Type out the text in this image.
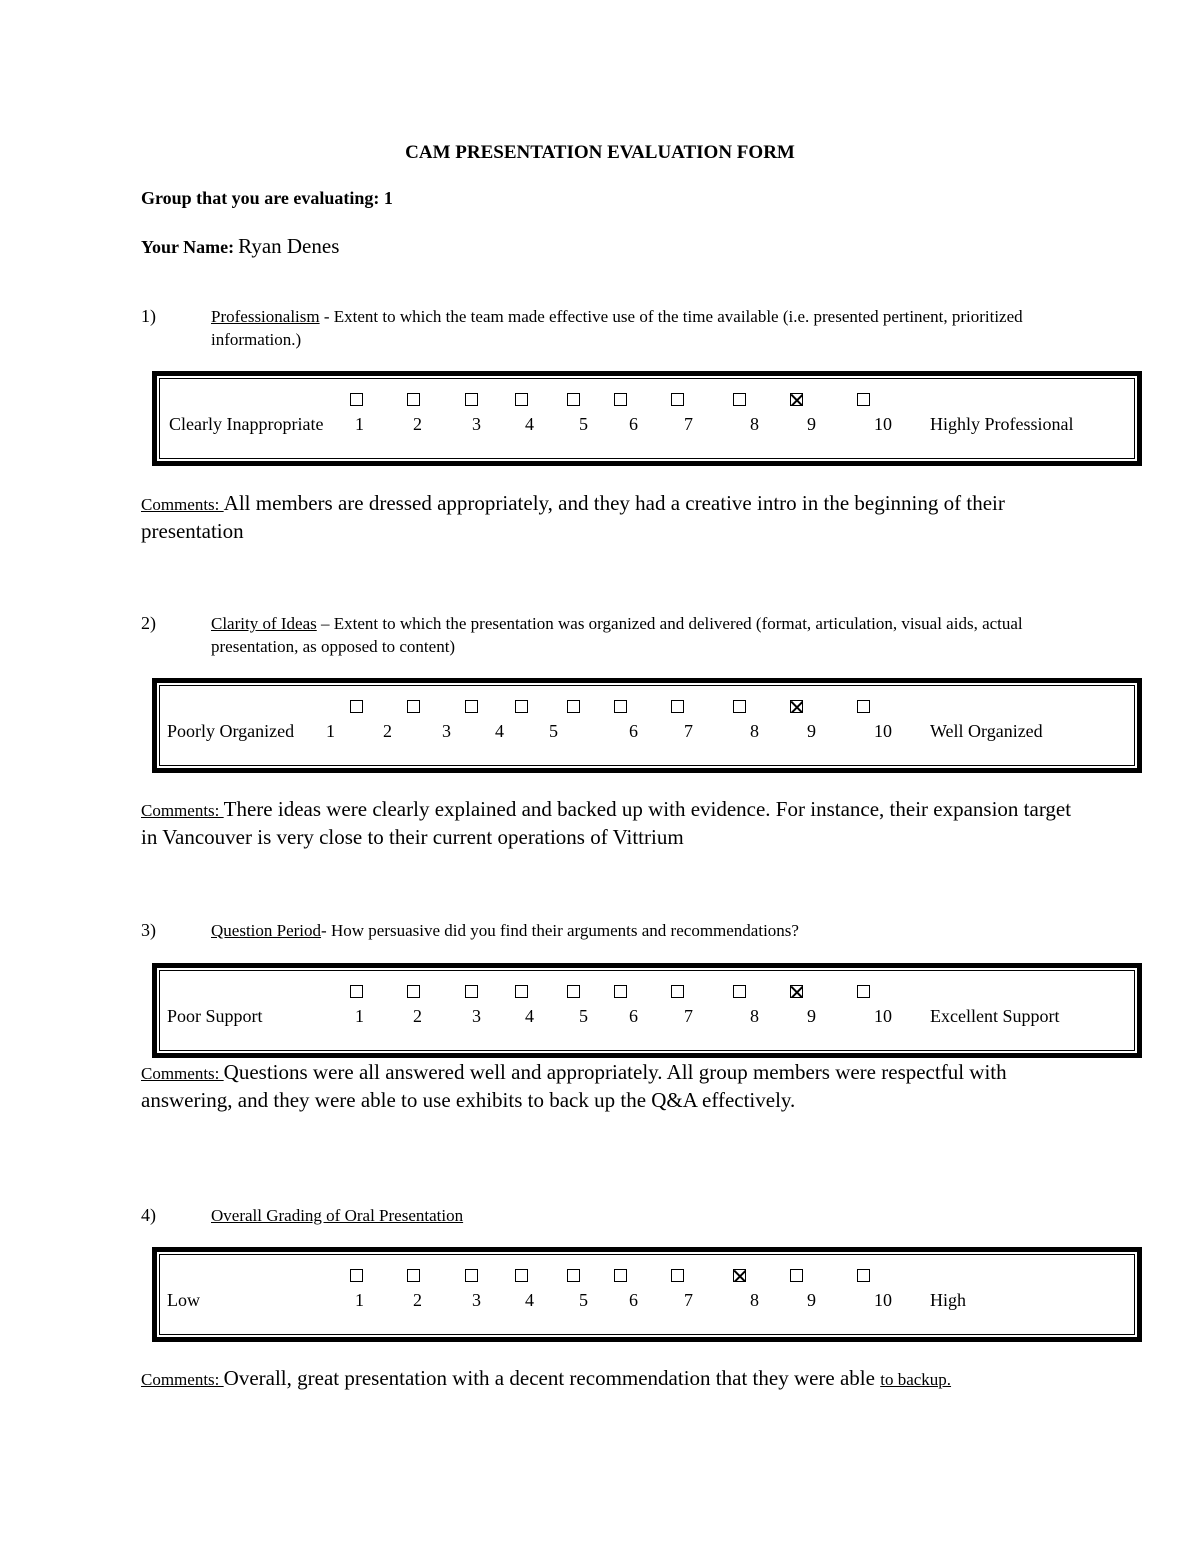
CAM PRESENTATION EVALUATION FORM
Group that you are evaluating: 1
Your Name: Ryan Denes
1)	Professionalism - Extent to which the team made effective use of the time available (i.e. presented pertinent, prioritized information.)
Clearly Inappropriate	Highly Professional
1	2	3 4	5 6	7	8	9	10
Comments: All members are dressed appropriately, and they had a creative intro in the beginning of their presentation
2)	Clarity of Ideas – Extent to which the presentation was organized and delivered (format, articulation, visual aids, actual presentation, as opposed to content)
Poorly Organized	Well Organized
1	2	3 4	5	6	7	8	9	10
Comments: There ideas were clearly explained and backed up with evidence. For instance, their expansion target in Vancouver is very close to their current operations of Vittrium
3)	Question Period- How persuasive did you find their arguments and recommendations?
Poor Support	Excellent Support
1	2	3 4	5 6	7	8	9	10
Comments: Questions were all answered well and appropriately. All group members were respectful with answering, and they were able to use exhibits to back up the Q&A effectively.
4)	Overall Grading of Oral Presentation
Low	High
1	2	3 4	5 6	7	8	9	10
Comments: Overall, great presentation with a decent recommendation that they were able to backup.
